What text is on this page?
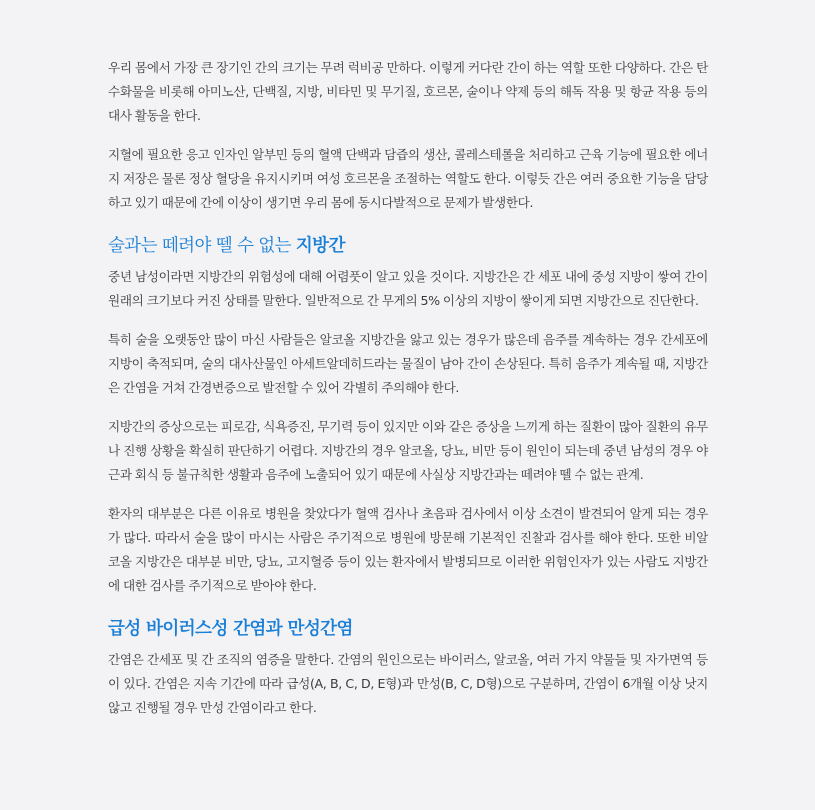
우리 몸에서 가장 큰 장기인 간의 크기는 무려 럭비공 만하다. 이렇게 커다란 간이 하는 역할 또한 다양하다. 간은 탄수화물을 비롯해 아미노산, 단백질, 지방, 비타민 및 무기질, 호르몬, 술이나 약제 등의 해독 작용 및 항균 작용 등의 대사 활동을 한다.

지혈에 필요한 응고 인자인 알부민 등의 혈액 단백과 담즙의 생산, 콜레스테롤을 처리하고 근육 기능에 필요한 에너지 저장은 물론 정상 혈당을 유지시키며 여성 호르몬을 조절하는 역할도 한다. 이렇듯 간은 여러 중요한 기능을 담당하고 있기 때문에 간에 이상이 생기면 우리 몸에 동시다발적으로 문제가 발생한다.

술과는 떼려야 뗄 수 없는 지방간

중년 남성이라면 지방간의 위험성에 대해 어렴풋이 알고 있을 것이다. 지방간은 간 세포 내에 중성 지방이 쌓여 간이 원래의 크기보다 커진 상태를 말한다. 일반적으로 간 무게의 5% 이상의 지방이 쌓이게 되면 지방간으로 진단한다.

특히 술을 오랫동안 많이 마신 사람들은 알코올 지방간을 앓고 있는 경우가 많은데 음주를 계속하는 경우 간세포에 지방이 축적되며, 술의 대사산물인 아세트알데히드라는 물질이 남아 간이 손상된다. 특히 음주가 계속될 때, 지방간은 간염을 거쳐 간경변증으로 발전할 수 있어 각별히 주의해야 한다.

지방간의 증상으로는 피로감, 식욕증진, 무기력 등이 있지만 이와 같은 증상을 느끼게 하는 질환이 많아 질환의 유무나 진행 상황을 확실히 판단하기 어렵다. 지방간의 경우 알코올, 당뇨, 비만 등이 원인이 되는데 중년 남성의 경우 야근과 회식 등 불규칙한 생활과 음주에 노출되어 있기 때문에 사실상 지방간과는 떼려야 뗄 수 없는 관계.

환자의 대부분은 다른 이유로 병원을 찾았다가 혈액 검사나 초음파 검사에서 이상 소견이 발견되어 알게 되는 경우가 많다. 따라서 술을 많이 마시는 사람은 주기적으로 병원에 방문해 기본적인 진찰과 검사를 해야 한다. 또한 비알코올 지방간은 대부분 비만, 당뇨, 고지혈증 등이 있는 환자에서 발병되므로 이러한 위험인자가 있는 사람도 지방간에 대한 검사를 주기적으로 받아야 한다.

급성 바이러스성 간염과 만성간염

간염은 간세포 및 간 조직의 염증을 말한다. 간염의 원인으로는 바이러스, 알코올, 여러 가지 약물들 및 자가면역 등이 있다. 간염은 지속 기간에 따라 급성(A, B, C, D, E형)과 만성(B, C, D형)으로 구분하며, 간염이 6개월 이상 낫지 않고 진행될 경우 만성 간염이라고 한다.
